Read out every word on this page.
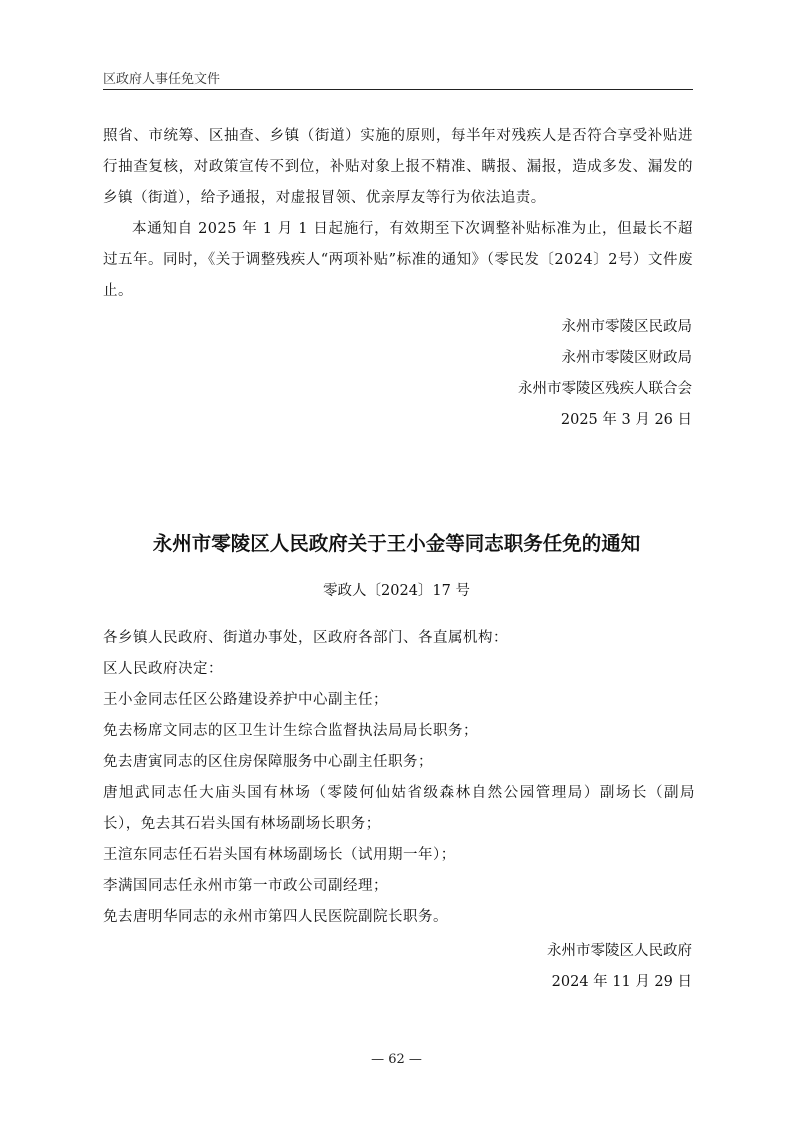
区政府人事任免文件

照省、市统筹、区抽查、乡镇（街道）实施的原则，每半年对残疾人是否符合享受补贴进行抽查复核，对政策宣传不到位，补贴对象上报不精准、瞒报、漏报，造成多发、漏发的乡镇（街道），给予通报，对虚报冒领、优亲厚友等行为依法追责。

本通知自 2025 年 1 月 1 日起施行，有效期至下次调整补贴标准为止，但最长不超过五年。同时，《关于调整残疾人“两项补贴”标准的通知》（零民发〔2024〕2号）文件废止。

永州市零陵区民政局
永州市零陵区财政局
永州市零陵区残疾人联合会
2025 年 3 月 26 日
永州市零陵区人民政府关于王小金等同志职务任免的通知
零政人〔2024〕17 号
各乡镇人民政府、街道办事处，区政府各部门、各直属机构：
区人民政府决定：
王小金同志任区公路建设养护中心副主任；
免去杨席文同志的区卫生计生综合监督执法局局长职务；
免去唐寅同志的区住房保障服务中心副主任职务；
唐旭武同志任大庙头国有林场（零陵何仙姑省级森林自然公园管理局）副场长（副局长），免去其石岩头国有林场副场长职务；
王渲东同志任石岩头国有林场副场长（试用期一年）；
李满国同志任永州市第一市政公司副经理；
免去唐明华同志的永州市第四人民医院副院长职务。
永州市零陵区人民政府
2024 年 11 月 29 日
— 62 —
